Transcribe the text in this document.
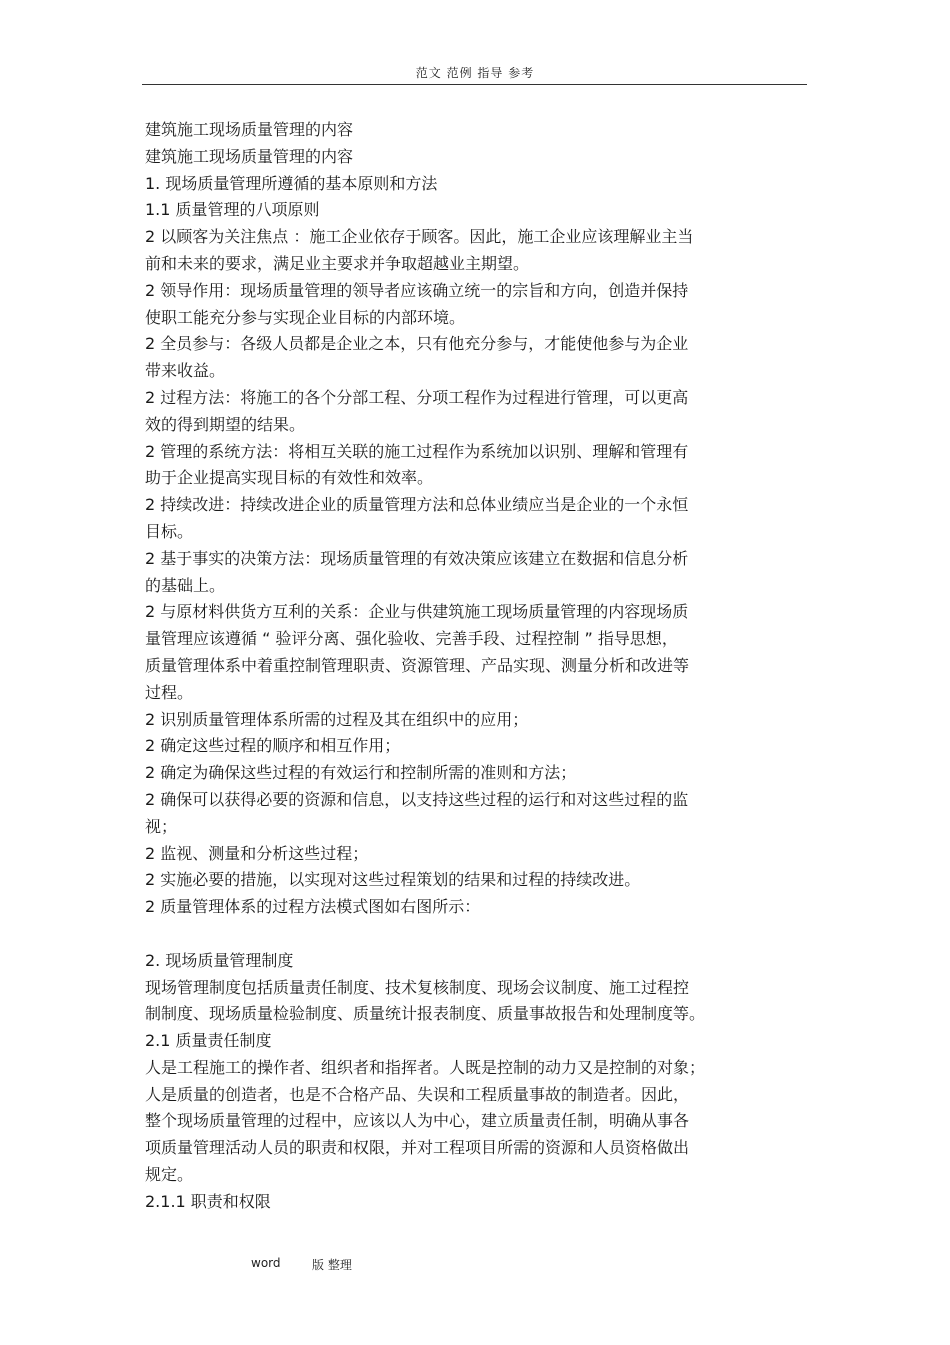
范文 范例 指导 参考
建筑施工现场质量管理的内容
建筑施工现场质量管理的内容
1. 现场质量管理所遵循的基本原则和方法
1.1 质量管理的八项原则
2 以顾客为关注焦点 ：施工企业依存于顾客。因此，施工企业应该理解业主当
前和未来的要求，满足业主要求并争取超越业主期望。
2 领导作用：现场质量管理的领导者应该确立统一的宗旨和方向，创造并保持
使职工能充分参与实现企业目标的内部环境。
2 全员参与：各级人员都是企业之本，只有他充分参与，才能使他参与为企业
带来收益。
2 过程方法：将施工的各个分部工程、分项工程作为过程进行管理，可以更高
效的得到期望的结果。
2 管理的系统方法：将相互关联的施工过程作为系统加以识别、理解和管理有
助于企业提高实现目标的有效性和效率。
2 持续改进：持续改进企业的质量管理方法和总体业绩应当是企业的一个永恒
目标。
2 基于事实的决策方法：现场质量管理的有效决策应该建立在数据和信息分析
的基础上。
2 与原材料供货方互利的关系：企业与供建筑施工现场质量管理的内容现场质
量管理应该遵循 “ 验评分离、强化验收、完善手段、过程控制 ” 指导思想，
质量管理体系中着重控制管理职责、资源管理、产品实现、测量分析和改进等
过程。
2 识别质量管理体系所需的过程及其在组织中的应用；
2 确定这些过程的顺序和相互作用；
2 确定为确保这些过程的有效运行和控制所需的准则和方法；
2 确保可以获得必要的资源和信息，以支持这些过程的运行和对这些过程的监
视；
2 监视、测量和分析这些过程；
2 实施必要的措施，以实现对这些过程策划的结果和过程的持续改进。
2 质量管理体系的过程方法模式图如右图所示：
2. 现场质量管理制度
现场管理制度包括质量责任制度、技术复核制度、现场会议制度、施工过程控
制制度、现场质量检验制度、质量统计报表制度、质量事故报告和处理制度等。
2.1 质量责任制度
人是工程施工的操作者、组织者和指挥者。人既是控制的动力又是控制的对象；
人是质量的创造者，也是不合格产品、失误和工程质量事故的制造者。因此，
整个现场质量管理的过程中，应该以人为中心，建立质量责任制，明确从事各
项质量管理活动人员的职责和权限，并对工程项目所需的资源和人员资格做出
规定。
2.1.1 职责和权限
word	版 整理
